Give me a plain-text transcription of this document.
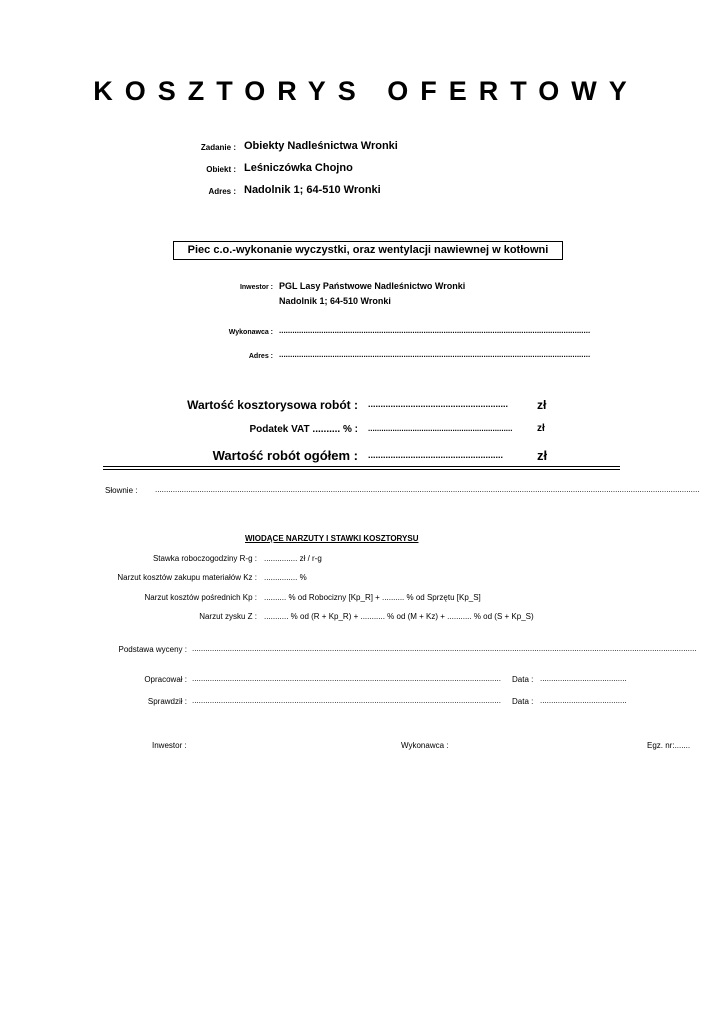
KOSZTORYS OFERTOWY
Zadanie : Obiekty Nadleśnictwa Wronki
Obiekt : Leśniczówka Chojno
Adres : Nadolnik 1; 64-510 Wronki
Piec c.o.-wykonanie wyczystki, oraz wentylacji nawiewnej w kotłowni
Inwestor : PGL Lasy Państwowe Nadleśnictwo Wronki
Nadolnik 1; 64-510 Wronki
Wykonawca : ............................................................................................................................................
Adres : ............................................................................................................................................
Wartość kosztorysowa robót : ........................................................	zł
Podatek VAT .......... % : .................................................................	zł
Wartość robót ogółem : ......................................................	zł
Słownie : .....................................................................................................................................................................................................................................................
WIODĄCE NARZUTY I STAWKI KOSZTORYSU
Stawka roboczogodziny R-g : ............... zł / r-g
Narzut kosztów zakupu materiałów Kz : ............... %
Narzut kosztów pośrednich Kp : .......... % od Robocizny [Kp_R] + .......... % od Sprzętu [Kp_S]
Narzut zysku Z : ........... % od (R + Kp_R) + ........... % od (M + Kz) + ........... % od (S + Kp_S)
Podstawa wyceny : ...................................................................................................................................................................................................................................
Opracował : ........................................................................................................................................... Data : .......................................
Sprawdził : ........................................................................................................................................... Data : .......................................
Inwestor :	Wykonawca :	Egz. nr:.......
